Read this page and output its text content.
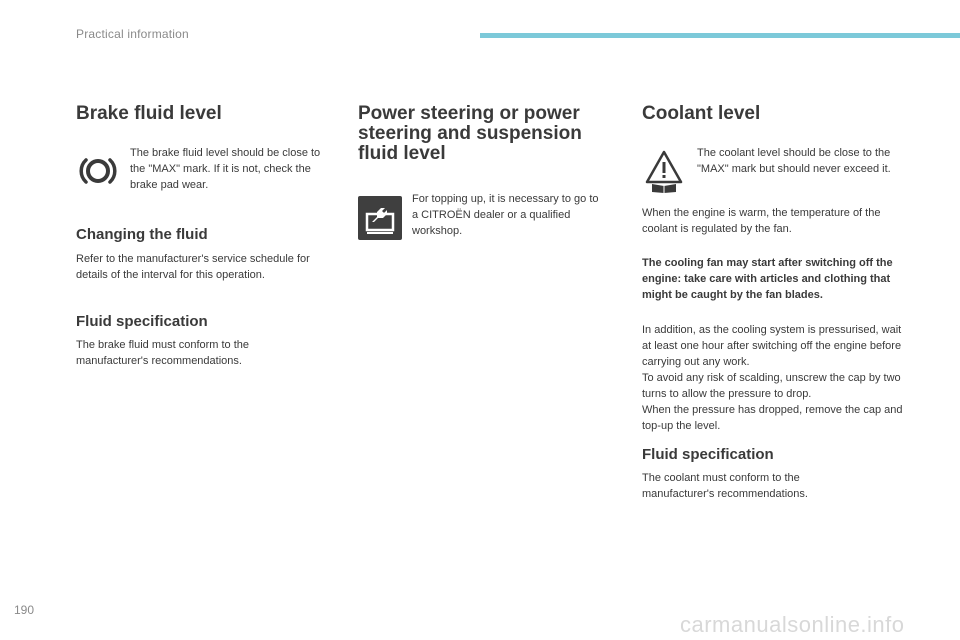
Practical information
Brake fluid level

The brake fluid level should be close to the "MAX" mark. If it is not, check the brake pad wear.

Changing the fluid

Refer to the manufacturer's service schedule for details of the interval for this operation.

Fluid specification

The brake fluid must conform to the manufacturer's recommendations.

Power steering or power
steering and suspension
fluid level

For topping up, it is necessary to go to a CITROËN dealer or a qualified workshop.

Coolant level

The coolant level should be close to the "MAX" mark but should never exceed it.

When the engine is warm, the temperature of the coolant is regulated by the fan.

The cooling fan may start after switching off the engine: take care with articles and clothing that might be caught by the fan blades.

In addition, as the cooling system is pressurised, wait at least one hour after switching off the engine before carrying out any work.

To avoid any risk of scalding, unscrew the cap by two turns to allow the pressure to drop.

When the pressure has dropped, remove the cap and top-up the level.

Fluid specification

The coolant must conform to the manufacturer's recommendations.

190
carmanualsonline.info
